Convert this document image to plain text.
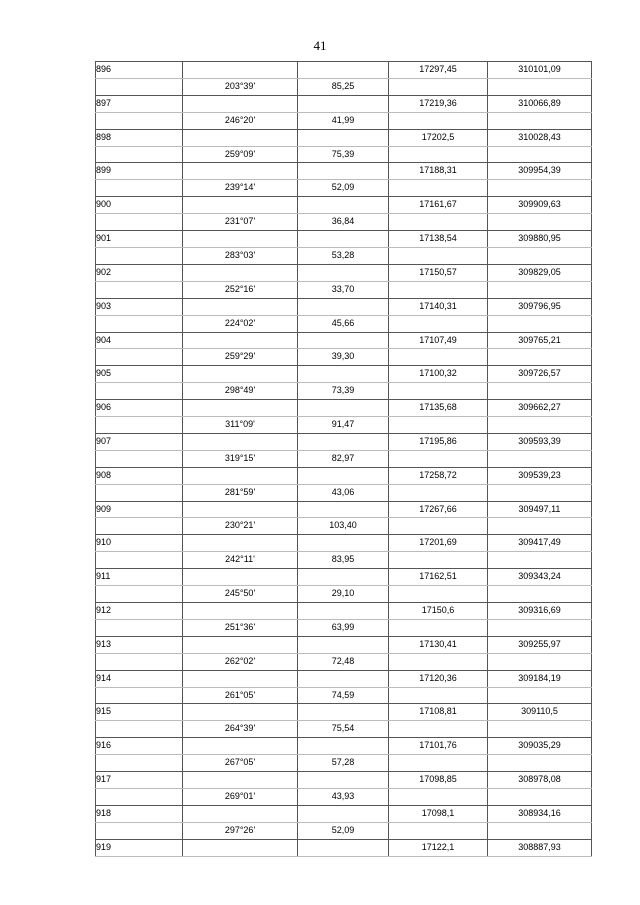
41
896			17297,45	310101,09
	203°39'	85,25		
897			17219,36	310066,89
	246°20'	41,99		
898			17202,5	310028,43
	259°09'	75,39		
899			17188,31	309954,39
	239°14'	52,09		
900			17161,67	309909,63
	231°07'	36,84		
901			17138,54	309880,95
	283°03'	53,28		
902			17150,57	309829,05
	252°16'	33,70		
903			17140,31	309796,95
	224°02'	45,66		
904			17107,49	309765,21
	259°29'	39,30		
905			17100,32	309726,57
	298°49'	73,39		
906			17135,68	309662,27
	311°09'	91,47		
907			17195,86	309593,39
	319°15'	82,97		
908			17258,72	309539,23
	281°59'	43,06		
909			17267,66	309497,11
	230°21'	103,40		
910			17201,69	309417,49
	242°11'	83,95		
911			17162,51	309343,24
	245°50'	29,10		
912			17150,6	309316,69
	251°36'	63,99		
913			17130,41	309255,97
	262°02'	72,48		
914			17120,36	309184,19
	261°05'	74,59		
915			17108,81	309110,5
	264°39'	75,54		
916			17101,76	309035,29
	267°05'	57,28		
917			17098,85	308978,08
	269°01'	43,93		
918			17098,1	308934,16
	297°26'	52,09		
919			17122,1	308887,93
